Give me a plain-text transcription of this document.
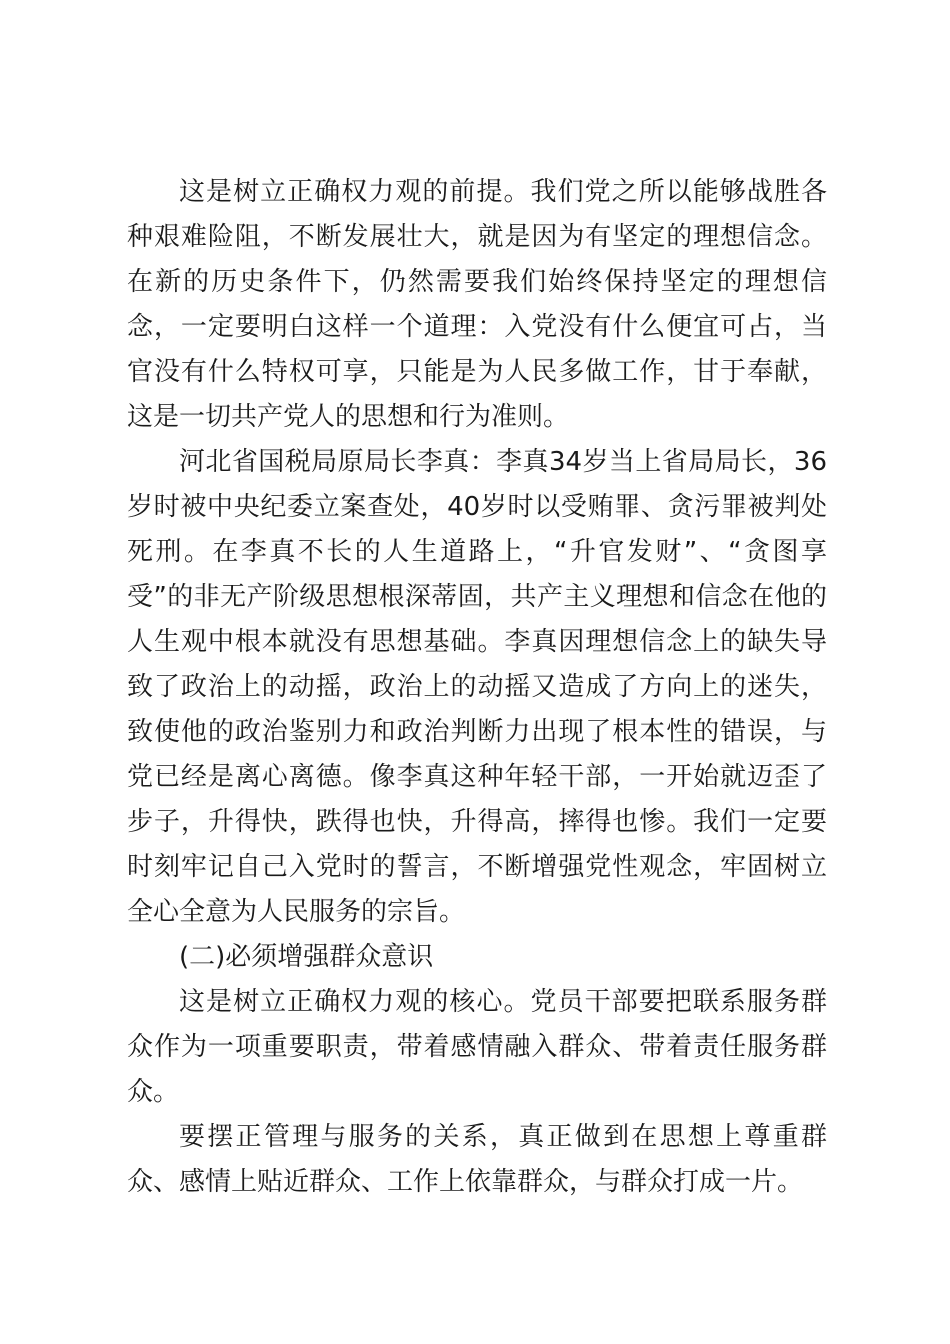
这是树立正确权力观的前提。我们党之所以能够战胜各种艰难险阻，不断发展壮大，就是因为有坚定的理想信念。在新的历史条件下，仍然需要我们始终保持坚定的理想信念，一定要明白这样一个道理：入党没有什么便宜可占，当官没有什么特权可享，只能是为人民多做工作，甘于奉献，这是一切共产党人的思想和行为准则。

河北省国税局原局长李真：李真34岁当上省局局长，36岁时被中央纪委立案查处，40岁时以受贿罪、贪污罪被判处死刑。在李真不长的人生道路上，“升官发财”、“贪图享受”的非无产阶级思想根深蒂固，共产主义理想和信念在他的人生观中根本就没有思想基础。李真因理想信念上的缺失导致了政治上的动摇，政治上的动摇又造成了方向上的迷失，致使他的政治鉴别力和政治判断力出现了根本性的错误，与党已经是离心离德。像李真这种年轻干部，一开始就迈歪了步子，升得快，跌得也快，升得高，摔得也惨。我们一定要时刻牢记自己入党时的誓言，不断增强党性观念，牢固树立全心全意为人民服务的宗旨。

(二)必须增强群众意识

这是树立正确权力观的核心。党员干部要把联系服务群众作为一项重要职责，带着感情融入群众、带着责任服务群众。

要摆正管理与服务的关系，真正做到在思想上尊重群众、感情上贴近群众、工作上依靠群众，与群众打成一片。
